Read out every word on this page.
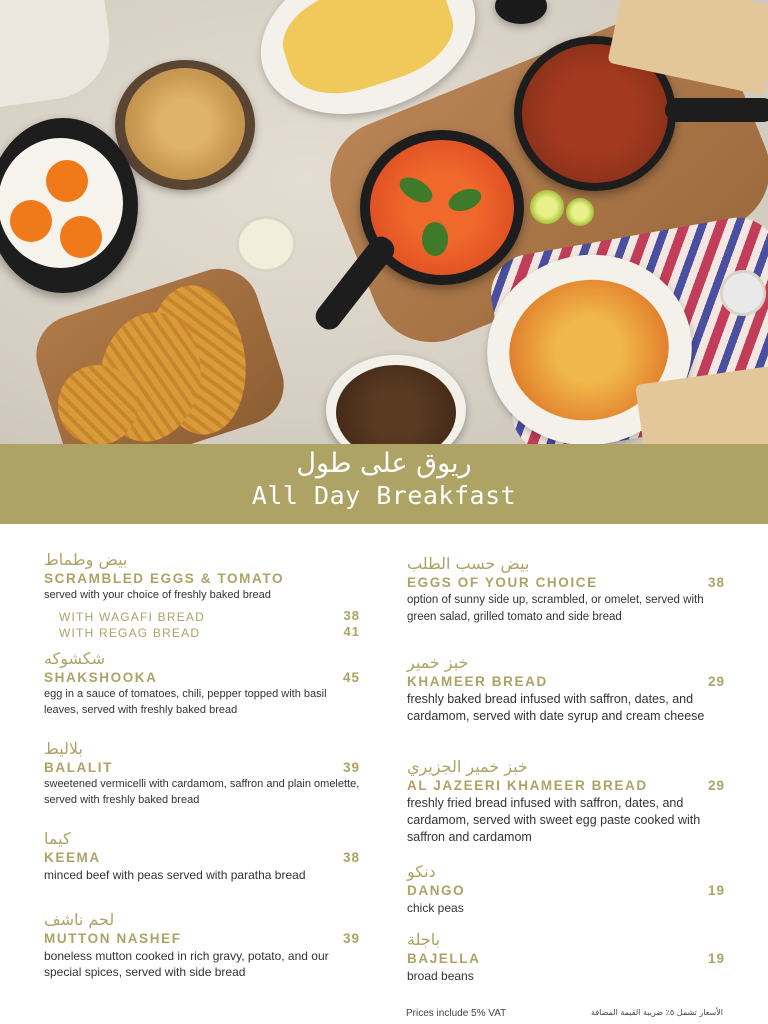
ريوق على طول
All Day Breakfast
بيض وطماط
SCRAMBLED EGGS & TOMATO
served with your choice of freshly baked bread
WITH WAGAFI BREAD	38
WITH REGAG BREAD	41
شكشوكه
SHAKSHOOKA	45
egg in a sauce of tomatoes, chili, pepper topped with basil leaves, served with freshly baked bread
بلاليط
BALALIT	39
sweetened vermicelli with cardamom, saffron and plain omelette, served with freshly baked bread
كيما
KEEMA	38
minced beef with peas served with paratha bread
لحم ناشف
MUTTON NASHEF	39
boneless mutton cooked in rich gravy, potato, and our special spices, served with side bread
بيض حسب الطلب
EGGS OF YOUR CHOICE	38
option of sunny side up, scrambled, or omelet, served with green salad, grilled tomato and side bread
خبز خمير
KHAMEER BREAD	29
freshly baked bread infused with saffron, dates, and cardamom, served with date syrup and cream cheese
خبز خمير الجزيري
AL JAZEERI KHAMEER BREAD	29
freshly fried bread infused with saffron, dates, and cardamom, served with sweet egg paste cooked with saffron and cardamom
دنكو
DANGO	19
chick peas
باجلة
BAJELLA	19
broad beans
Prices include 5% VAT	الأسعار تشمل ٥٪ ضريبة القيمة المضافة
